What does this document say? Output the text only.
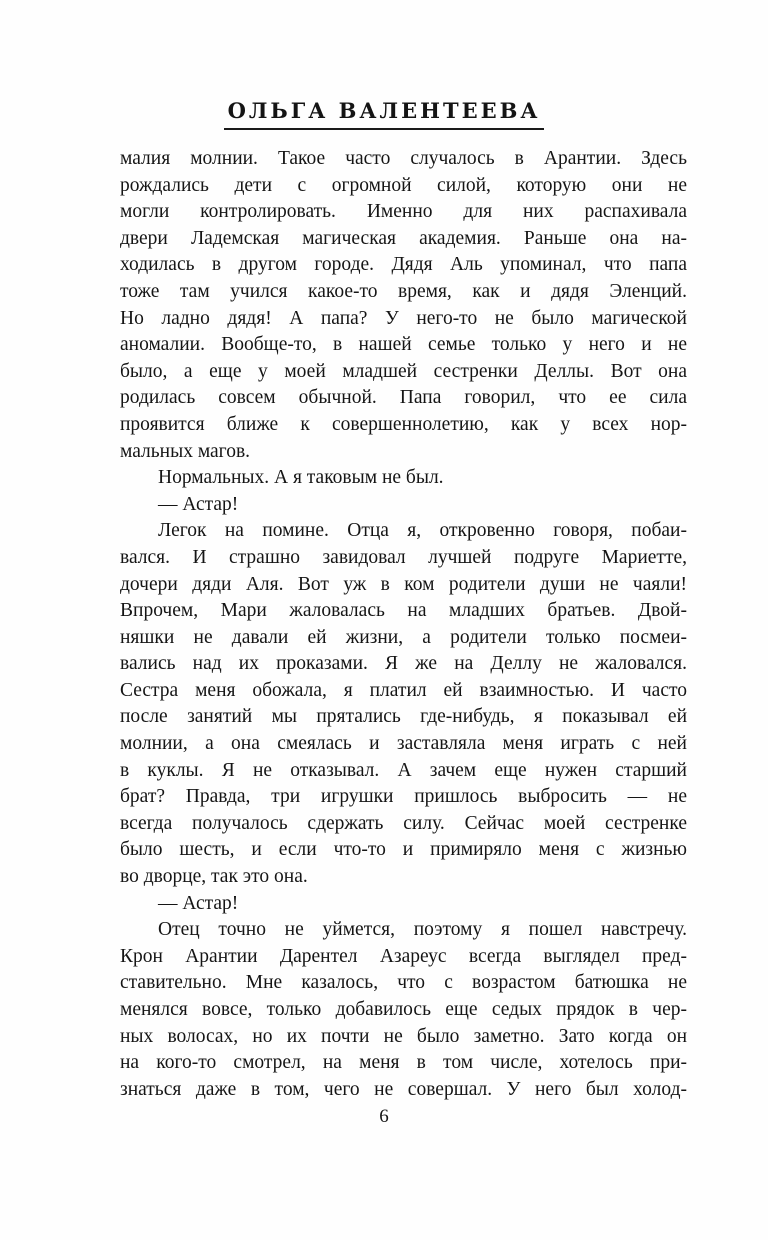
ОЛЬГА ВАЛЕНТЕЕВА
малия молнии. Такое часто случалось в Арантии. Здесь
рождались дети с огромной силой, которую они не
могли контролировать. Именно для них распахивала
двери Ладемская магическая академия. Раньше она на-
ходилась в другом городе. Дядя Аль упоминал, что папа
тоже там учился какое-то время, как и дядя Эленций.
Но ладно дядя! А папа? У него-то не было магической
аномалии. Вообще-то, в нашей семье только у него и не
было, а еще у моей младшей сестренки Деллы. Вот она
родилась совсем обычной. Папа говорил, что ее сила
проявится ближе к совершеннолетию, как у всех нор-
мальных магов.
Нормальных. А я таковым не был.
— Астар!
Легок на помине. Отца я, откровенно говоря, побаи-
вался. И страшно завидовал лучшей подруге Мариетте,
дочери дяди Аля. Вот уж в ком родители души не чаяли!
Впрочем, Мари жаловалась на младших братьев. Двой-
няшки не давали ей жизни, а родители только посмеи-
вались над их проказами. Я же на Деллу не жаловался.
Сестра меня обожала, я платил ей взаимностью. И часто
после занятий мы прятались где-нибудь, я показывал ей
молнии, а она смеялась и заставляла меня играть с ней
в куклы. Я не отказывал. А зачем еще нужен старший
брат? Правда, три игрушки пришлось выбросить — не
всегда получалось сдержать силу. Сейчас моей сестренке
было шесть, и если что-то и примиряло меня с жизнью
во дворце, так это она.
— Астар!
Отец точно не уймется, поэтому я пошел навстречу.
Крон Арантии Дарентел Азареус всегда выглядел пред-
ставительно. Мне казалось, что с возрастом батюшка не
менялся вовсе, только добавилось еще седых прядок в чер-
ных волосах, но их почти не было заметно. Зато когда он
на кого-то смотрел, на меня в том числе, хотелось при-
знаться даже в том, чего не совершал. У него был холод-
6
